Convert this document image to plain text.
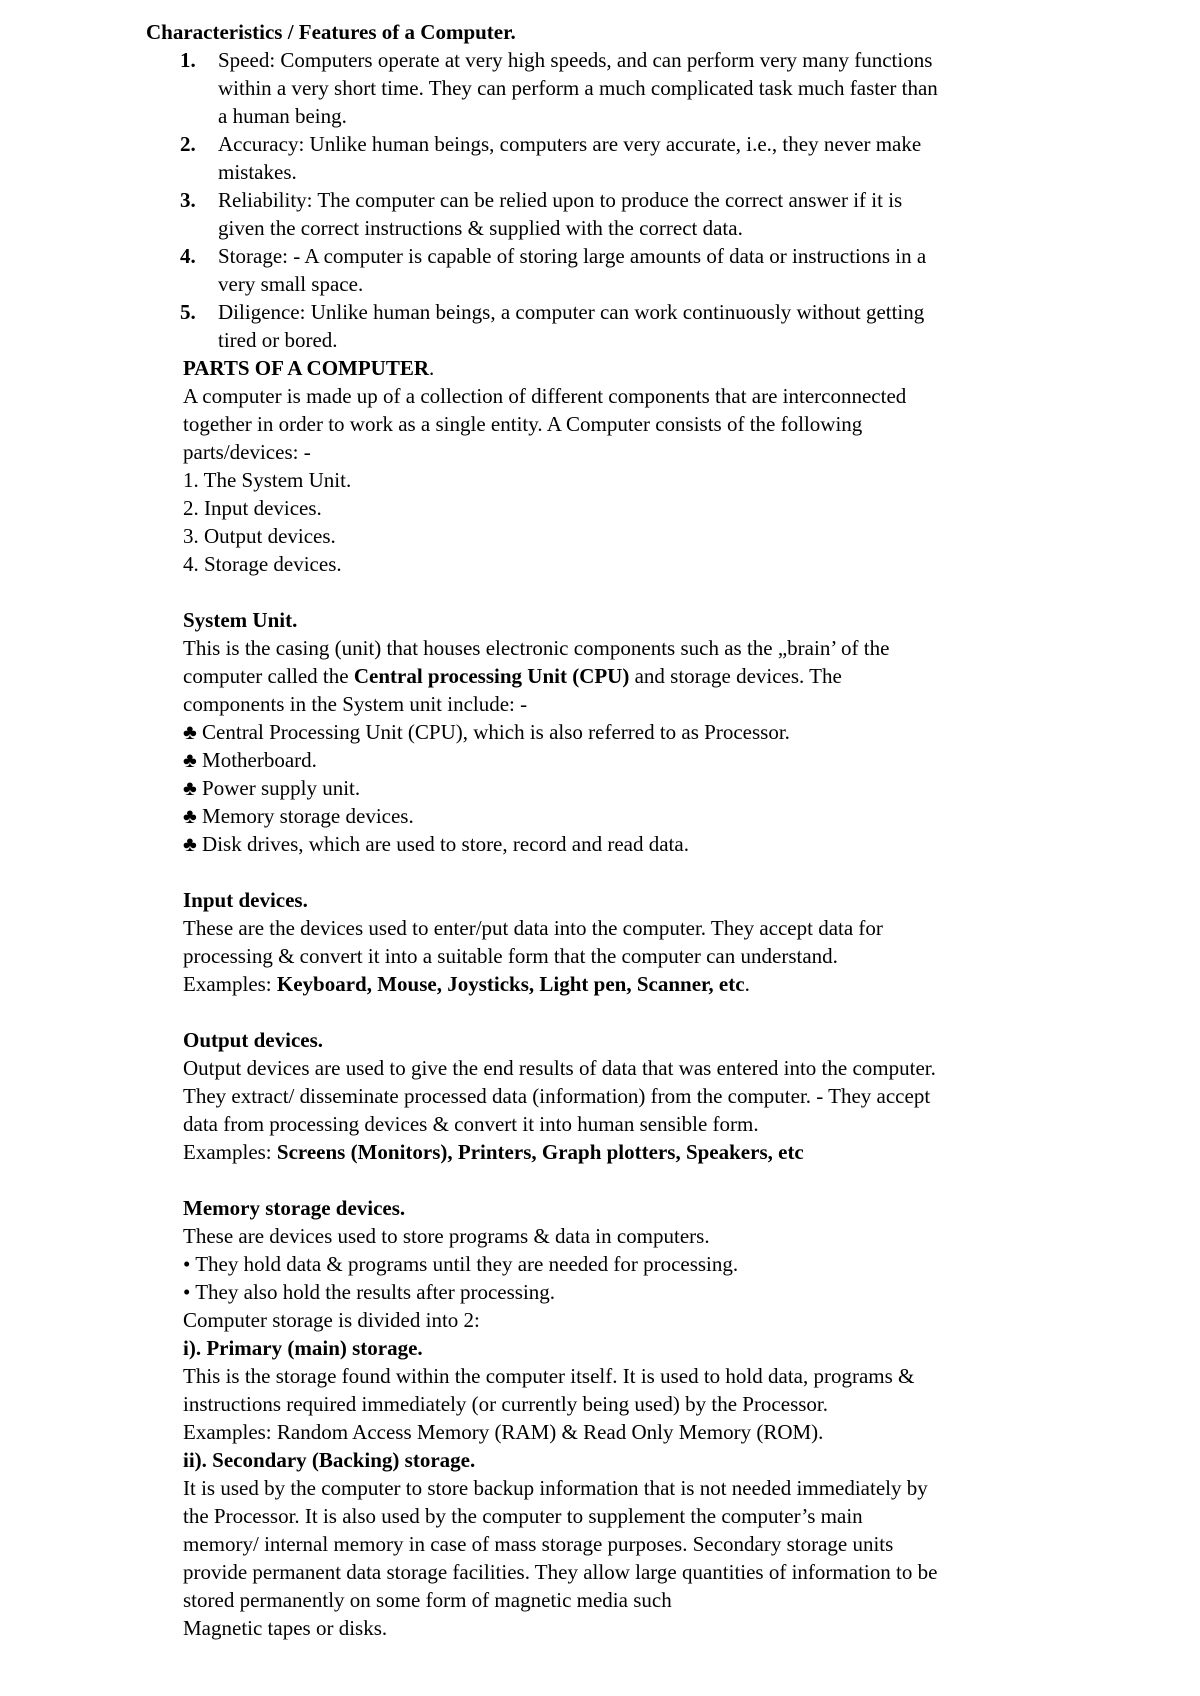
Characteristics / Features of a Computer.
1.	Speed: Computers operate at very high speeds, and can perform very many functions
within a very short time. They can perform a much complicated task much faster than
a human being.
2.	Accuracy: Unlike human beings, computers are very accurate, i.e., they never make
mistakes.
3.	Reliability: The computer can be relied upon to produce the correct answer if it is
given the correct instructions & supplied with the correct data.
4.	Storage: - A computer is capable of storing large amounts of data or instructions in a
very small space.
5.	Diligence: Unlike human beings, a computer can work continuously without getting
tired or bored.
PARTS OF A COMPUTER.
A computer is made up of a collection of different components that are interconnected
together in order to work as a single entity. A Computer consists of the following
parts/devices: -
1. The System Unit.
2. Input devices.
3. Output devices.
4. Storage devices.
System Unit.
This is the casing (unit) that houses electronic components such as the „brain’ of the
computer called the Central processing Unit (CPU) and storage devices. The
components in the System unit include: -
♣ Central Processing Unit (CPU), which is also referred to as Processor.
♣ Motherboard.
♣ Power supply unit.
♣ Memory storage devices.
♣ Disk drives, which are used to store, record and read data.
Input devices.
These are the devices used to enter/put data into the computer. They accept data for
processing & convert it into a suitable form that the computer can understand.
Examples: Keyboard, Mouse, Joysticks, Light pen, Scanner, etc.
Output devices.
Output devices are used to give the end results of data that was entered into the computer.
They extract/ disseminate processed data (information) from the computer. - They accept
data from processing devices & convert it into human sensible form.
Examples: Screens (Monitors), Printers, Graph plotters, Speakers, etc
Memory storage devices.
These are devices used to store programs & data in computers.
• They hold data & programs until they are needed for processing.
• They also hold the results after processing.
Computer storage is divided into 2:
i). Primary (main) storage.
This is the storage found within the computer itself. It is used to hold data, programs &
instructions required immediately (or currently being used) by the Processor.
Examples: Random Access Memory (RAM) & Read Only Memory (ROM).
ii). Secondary (Backing) storage.
It is used by the computer to store backup information that is not needed immediately by
the Processor. It is also used by the computer to supplement the computer’s main
memory/ internal memory in case of mass storage purposes. Secondary storage units
provide permanent data storage facilities. They allow large quantities of information to be
stored permanently on some form of magnetic media such
Magnetic tapes or disks.
